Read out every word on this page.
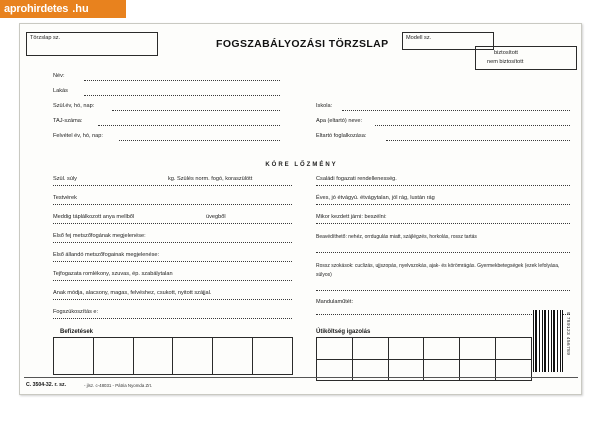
aprohirdetes .hu
Törzslap sz.	FOGSZABÁLYOZÁSI TÖRZSLAP	Modell sz.
biztosított
nem biztosított
Név:
Lakás
Szül.év, hó, nap:
TAJ-száma:
Felvétel év, hó, nap:
Iskola:
Apa (eltartó) neve:
Eltartó foglalkozása:
KÓRE LŐZMÉNY
Szül. súly	kg. Szülés norm. fogó, koraszülött
Testvérek
Meddig táplálkozott anya mellből	üvegből
Első fej metszőfogának megjelenése:
Első állandó metszőfogainak megjelenése:
Tejfogazata romlékony, szuvas, ép. szabálytalan
Anak módja, alacsony, magas, felvéshez, csukott, nyitott szájjal.
Fogszúkoszítás e:
Családi fogazati rendellenesség.
Éves, jó étvágyú. étvágytalan, jól rág, lustán rág
Mikor kezdett járni: beszélni:
Beavédíthető: nehéz, orrdugulás miatt, szájlégzés, horkolás, rossz tartás
Rossz szokások: cuclizás, ujjszopás, nyelvszokás, ajak- és körömrágás. Gyermekbetegségek (ezek lefolyása, súlyos)
Mandulaműtét:
Befizetések	Útiköltség igazolás	9 789123 456789
C. 3504-32. r. sz.	- jlsz. c-48031 - Pátria Nyomda Zrt.
